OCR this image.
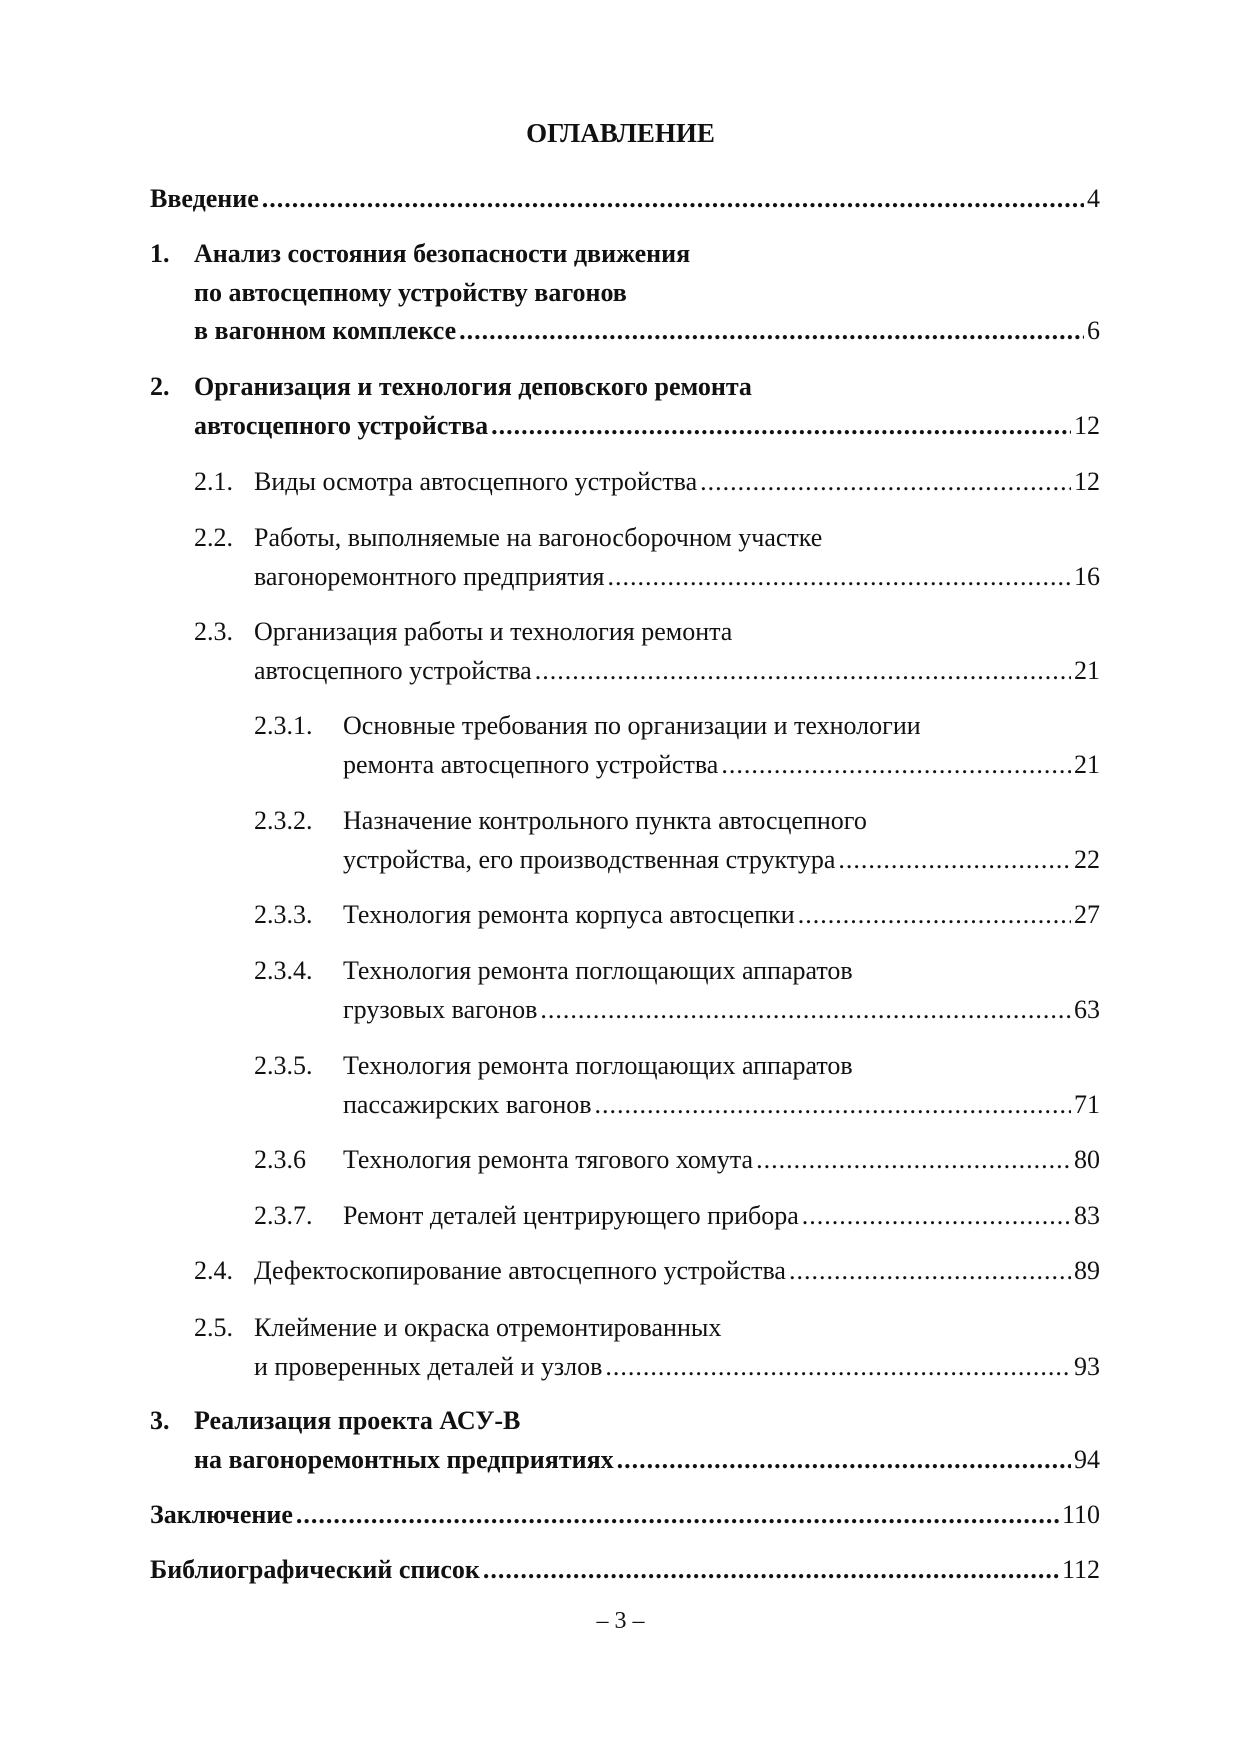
ОГЛАВЛЕНИЕ
Введение .....	4
1. Анализ состояния безопасности движения
по автосцепному устройству вагонов
в вагонном комплексе .....	6
2. Организация и технология деповского ремонта
автосцепного устройства .....	12
2.1. Виды осмотра автосцепного устройства .....	12
2.2. Работы, выполняемые на вагоносборочном участке
вагоноремонтного предприятия .....	16
2.3. Организация работы и технология ремонта
автосцепного устройства .....	21
2.3.1. Основные требования по организации и технологии
ремонта автосцепного устройства .....	21
2.3.2. Назначение контрольного пункта автосцепного
устройства, его производственная структура .....	22
2.3.3. Технология ремонта корпуса автосцепки .....	27
2.3.4. Технология ремонта поглощающих аппаратов
грузовых вагонов .....	63
2.3.5. Технология ремонта поглощающих аппаратов
пассажирских вагонов .....	71
2.3.6 Технология ремонта тягового хомута .....	80
2.3.7. Ремонт деталей центрирующего прибора .....	83
2.4. Дефектоскопирование автосцепного устройства .....	89
2.5. Клеймение и окраска отремонтированных
и проверенных деталей и узлов .....	93
3. Реализация проекта АСУ-В
на вагоноремонтных предприятиях .....	94
Заключение .....	110
Библиографический список .....	112
– 3 –
